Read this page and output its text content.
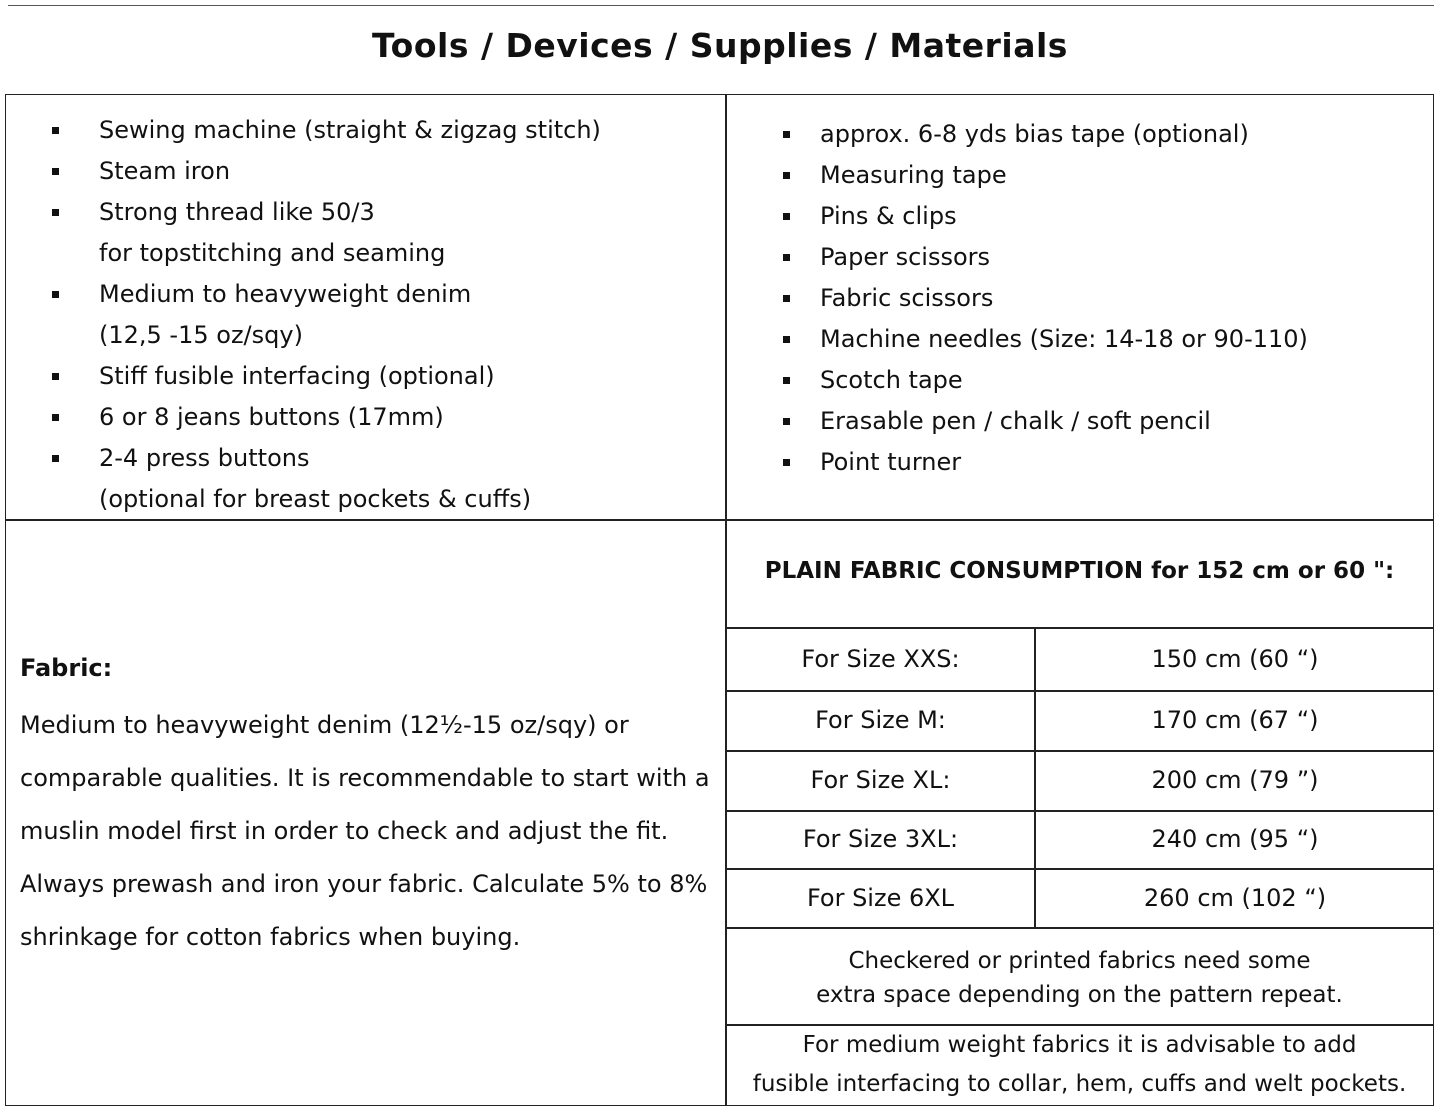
Tools / Devices / Supplies / Materials
Sewing machine (straight & zigzag stitch)
Steam iron
Strong thread like 50/3
for topstitching and seaming
Medium to heavyweight denim
(12,5 -15 oz/sqy)
Stiff fusible interfacing (optional)
6 or 8 jeans buttons (17mm)
2-4 press buttons
(optional for breast pockets & cuffs)
approx. 6-8 yds bias tape (optional)
Measuring tape
Pins & clips
Paper scissors
Fabric scissors
Machine needles (Size: 14-18 or 90-110)
Scotch tape
Erasable pen / chalk / soft pencil
Point turner
Fabric:
Medium to heavyweight denim (12½-15 oz/sqy) or
comparable qualities. It is recommendable to start with a
muslin model first in order to check and adjust the fit.
Always prewash and iron your fabric. Calculate 5% to 8%
shrinkage for cotton fabrics when buying.
PLAIN FABRIC CONSUMPTION for 152 cm or 60 ":
For Size XXS:	150 cm (60 “)
For Size M:	170 cm (67 “)
For Size XL:	200 cm (79 ”)
For Size 3XL:	240 cm (95 “)
For Size 6XL	260 cm (102 “)
Checkered or printed fabrics need some
extra space depending on the pattern repeat.
For medium weight fabrics it is advisable to add
fusible interfacing to collar, hem, cuffs and welt pockets.
